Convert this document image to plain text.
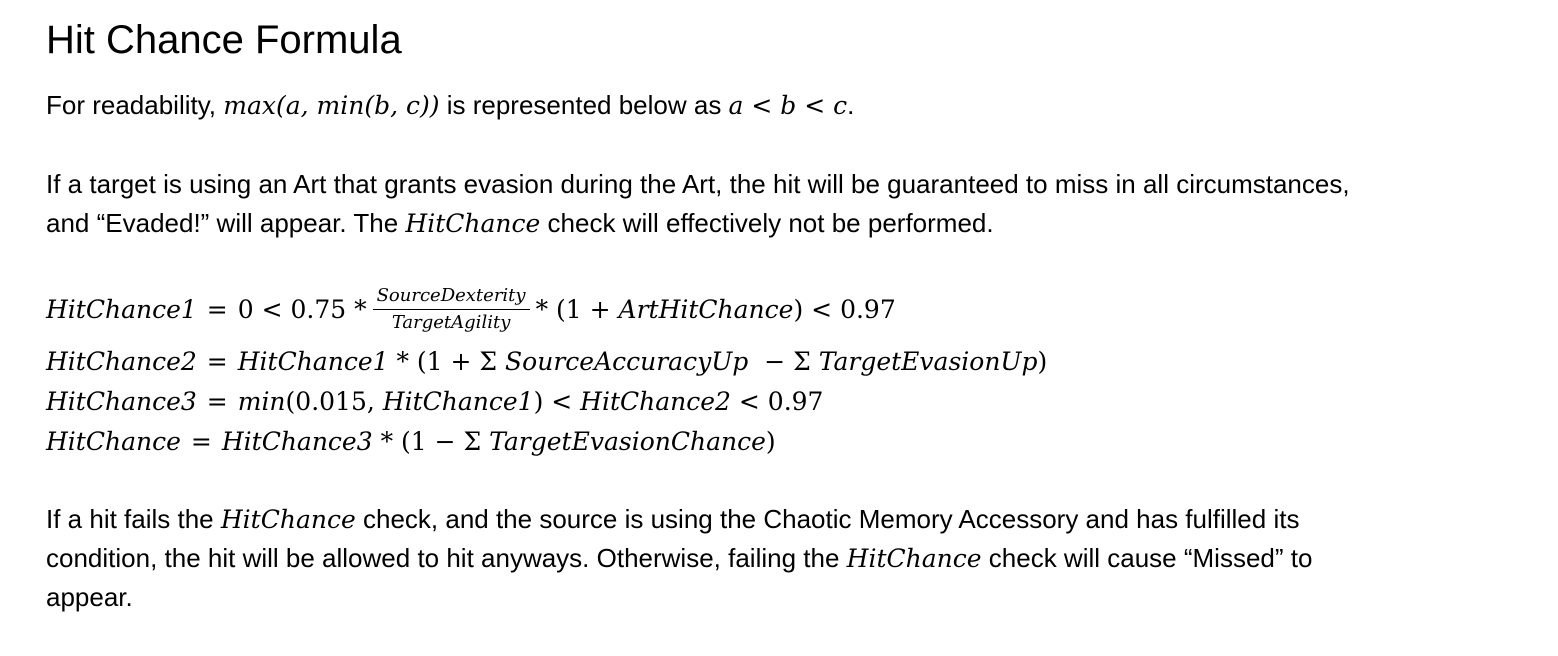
Hit Chance Formula

For readability, max(a, min(b, c)) is represented below as a < b < c.

If a target is using an Art that grants evasion during the Art, the hit will be guaranteed to miss in all circumstances,
and “Evaded!” will appear. The HitChance check will effectively not be performed.

HitChance1 = $0 < 0.75 * \frac{\text{SourceDexterity}}{\text{TargetAgility}} * (1$ +
ArtHitChance ) < 0.97
HitChance2 = HitChance1
* (1 + Σ
SourceAccuracyUp
− Σ
TargetEvasionUp )
HitChance3 = min (0.015,
HitChance1 ) <
HitChance2
< 0.97
HitChance = HitChance3
* (1 − Σ
TargetEvasionChance )

If a hit fails the HitChance check, and the source is using the Chaotic Memory Accessory and has fulfilled its
condition, the hit will be allowed to hit anyways. Otherwise, failing the HitChance check will cause “Missed” to
appear.
